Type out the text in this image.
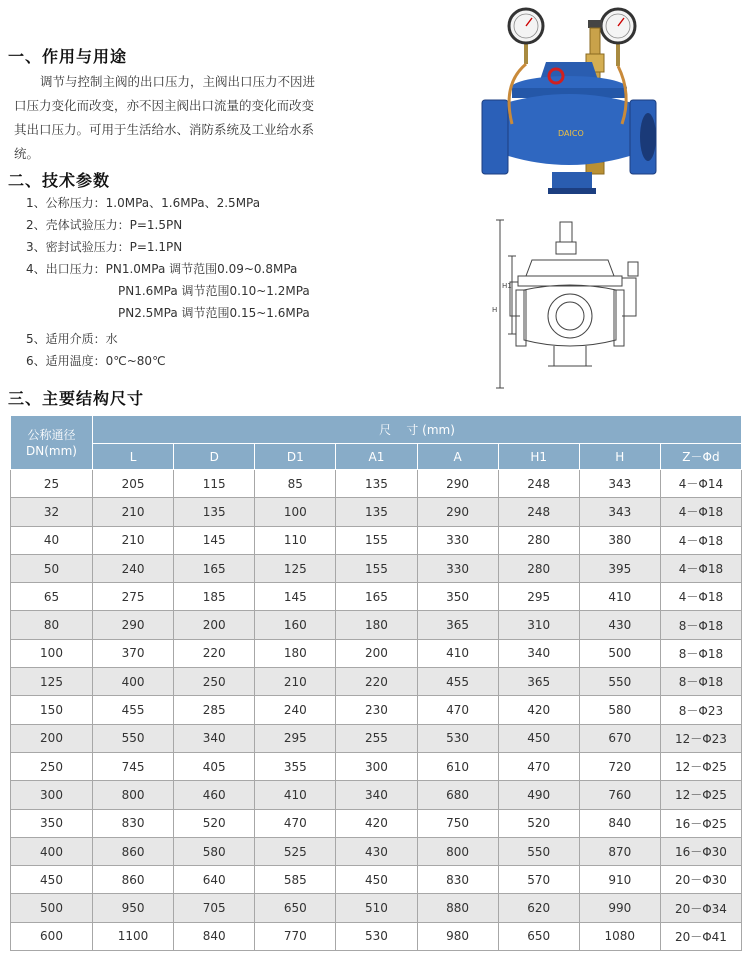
一、作用与用途
调节与控制主阀的出口压力，主阀出口压力不因进口压力变化而改变，亦不因主阀出口流量的变化而改变其出口压力。可用于生活给水、消防系统及工业给水系统。
二、技术参数
1、公称压力：1.0MPa、1.6MPa、2.5MPa
2、壳体试验压力：P=1.5PN
3、密封试验压力：P=1.1PN
4、出口压力：PN1.0MPa 调节范围0.09~0.8MPa
PN1.6MPa 调节范围0.10~1.2MPa
PN2.5MPa 调节范围0.15~1.6MPa
5、适用介质：水
6、适用温度：0℃~80℃
三、主要结构尺寸
DAICO
H1
H
公称通径
DN(mm)	尺    寸 (mm)							
	L	D	D1	A1	A	H1	H	Z－Φd
25	205	115	85	135	290	248	343	4－Φ14
32	210	135	100	135	290	248	343	4－Φ18
40	210	145	110	155	330	280	380	4－Φ18
50	240	165	125	155	330	280	395	4－Φ18
65	275	185	145	165	350	295	410	4－Φ18
80	290	200	160	180	365	310	430	8－Φ18
100	370	220	180	200	410	340	500	8－Φ18
125	400	250	210	220	455	365	550	8－Φ18
150	455	285	240	230	470	420	580	8－Φ23
200	550	340	295	255	530	450	670	12－Φ23
250	745	405	355	300	610	470	720	12－Φ25
300	800	460	410	340	680	490	760	12－Φ25
350	830	520	470	420	750	520	840	16－Φ25
400	860	580	525	430	800	550	870	16－Φ30
450	860	640	585	450	830	570	910	20－Φ30
500	950	705	650	510	880	620	990	20－Φ34
600	1100	840	770	530	980	650	1080	20－Φ41
